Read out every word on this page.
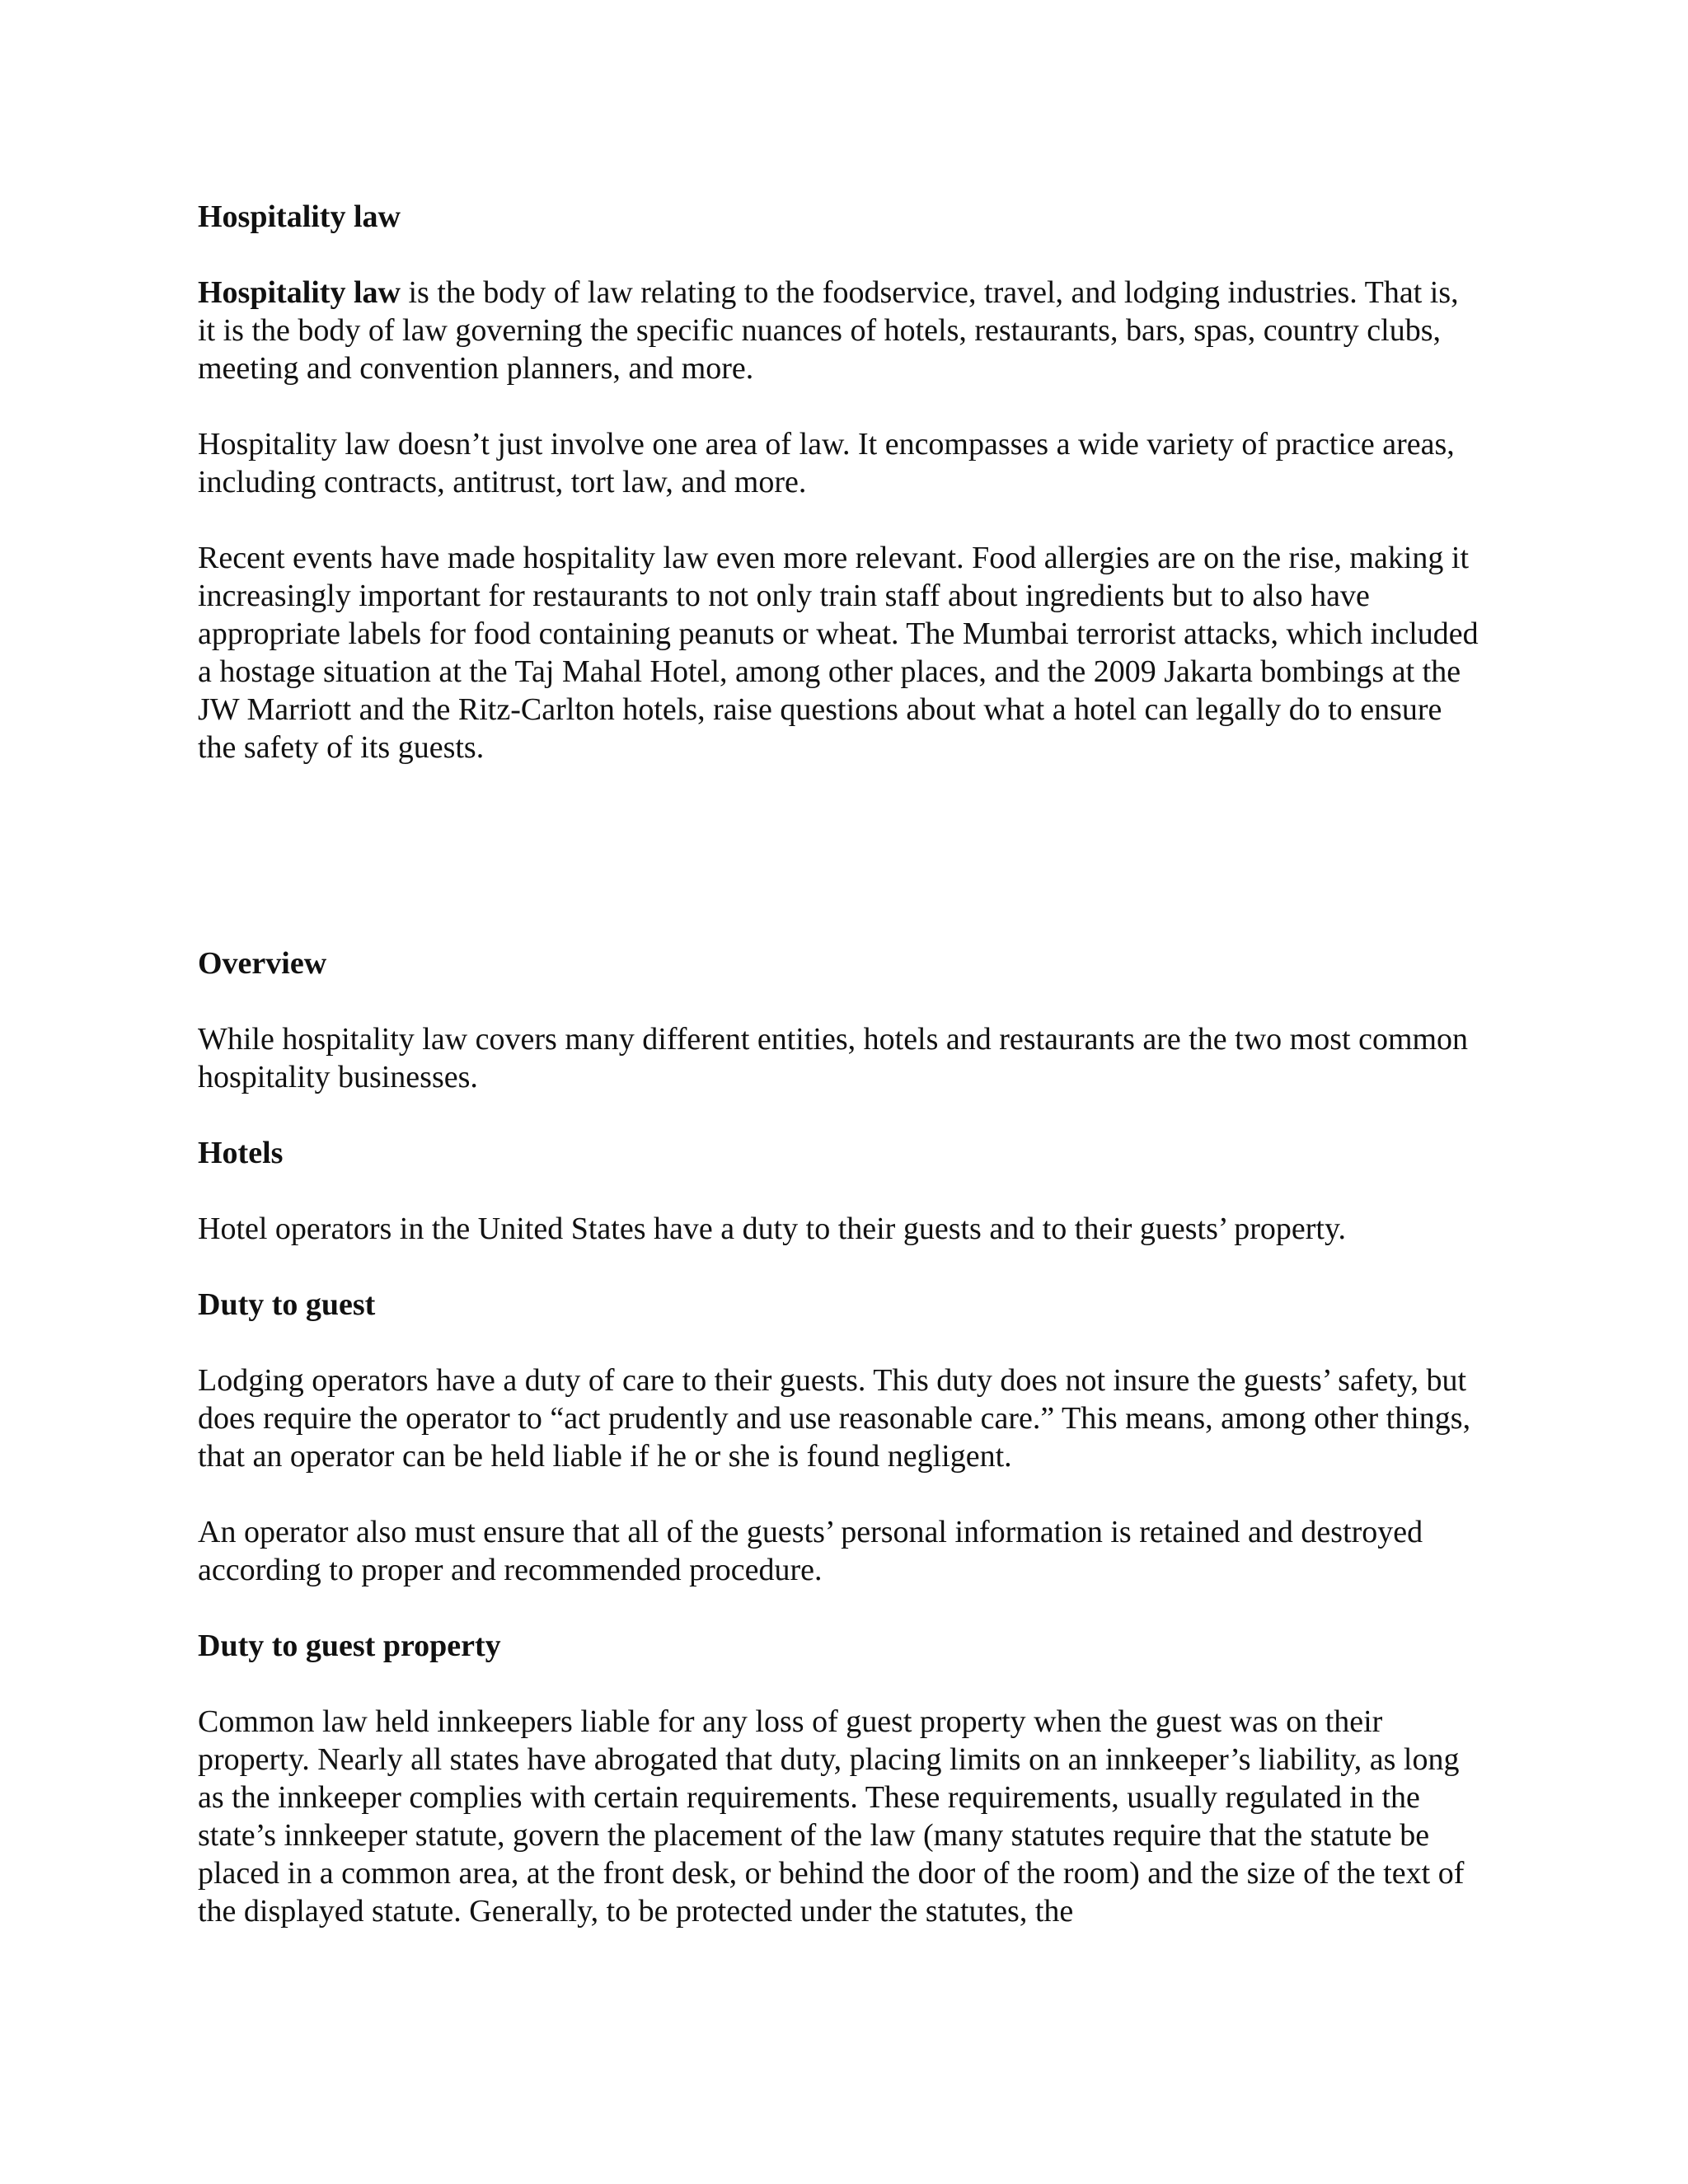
Hospitality law

Hospitality law is the body of law relating to the foodservice, travel, and lodging industries. That is, it is the body of law governing the specific nuances of hotels, restaurants, bars, spas, country clubs, meeting and convention planners, and more.

Hospitality law doesn’t just involve one area of law. It encompasses a wide variety of practice areas, including contracts, antitrust, tort law, and more.

Recent events have made hospitality law even more relevant. Food allergies are on the rise, making it increasingly important for restaurants to not only train staff about ingredients but to also have appropriate labels for food containing peanuts or wheat. The Mumbai terrorist attacks, which included a hostage situation at the Taj Mahal Hotel, among other places, and the 2009 Jakarta bombings at the JW Marriott and the Ritz-Carlton hotels, raise questions about what a hotel can legally do to ensure the safety of its guests.

Overview

While hospitality law covers many different entities, hotels and restaurants are the two most common hospitality businesses.

Hotels

Hotel operators in the United States have a duty to their guests and to their guests’ property.

Duty to guest

Lodging operators have a duty of care to their guests. This duty does not insure the guests’ safety, but does require the operator to “act prudently and use reasonable care.” This means, among other things, that an operator can be held liable if he or she is found negligent.

An operator also must ensure that all of the guests’ personal information is retained and destroyed according to proper and recommended procedure.

Duty to guest property

Common law held innkeepers liable for any loss of guest property when the guest was on their property. Nearly all states have abrogated that duty, placing limits on an innkeeper’s liability, as long as the innkeeper complies with certain requirements. These requirements, usually regulated in the state’s innkeeper statute, govern the placement of the law (many statutes require that the statute be placed in a common area, at the front desk, or behind the door of the room) and the size of the text of the displayed statute. Generally, to be protected under the statutes, the
